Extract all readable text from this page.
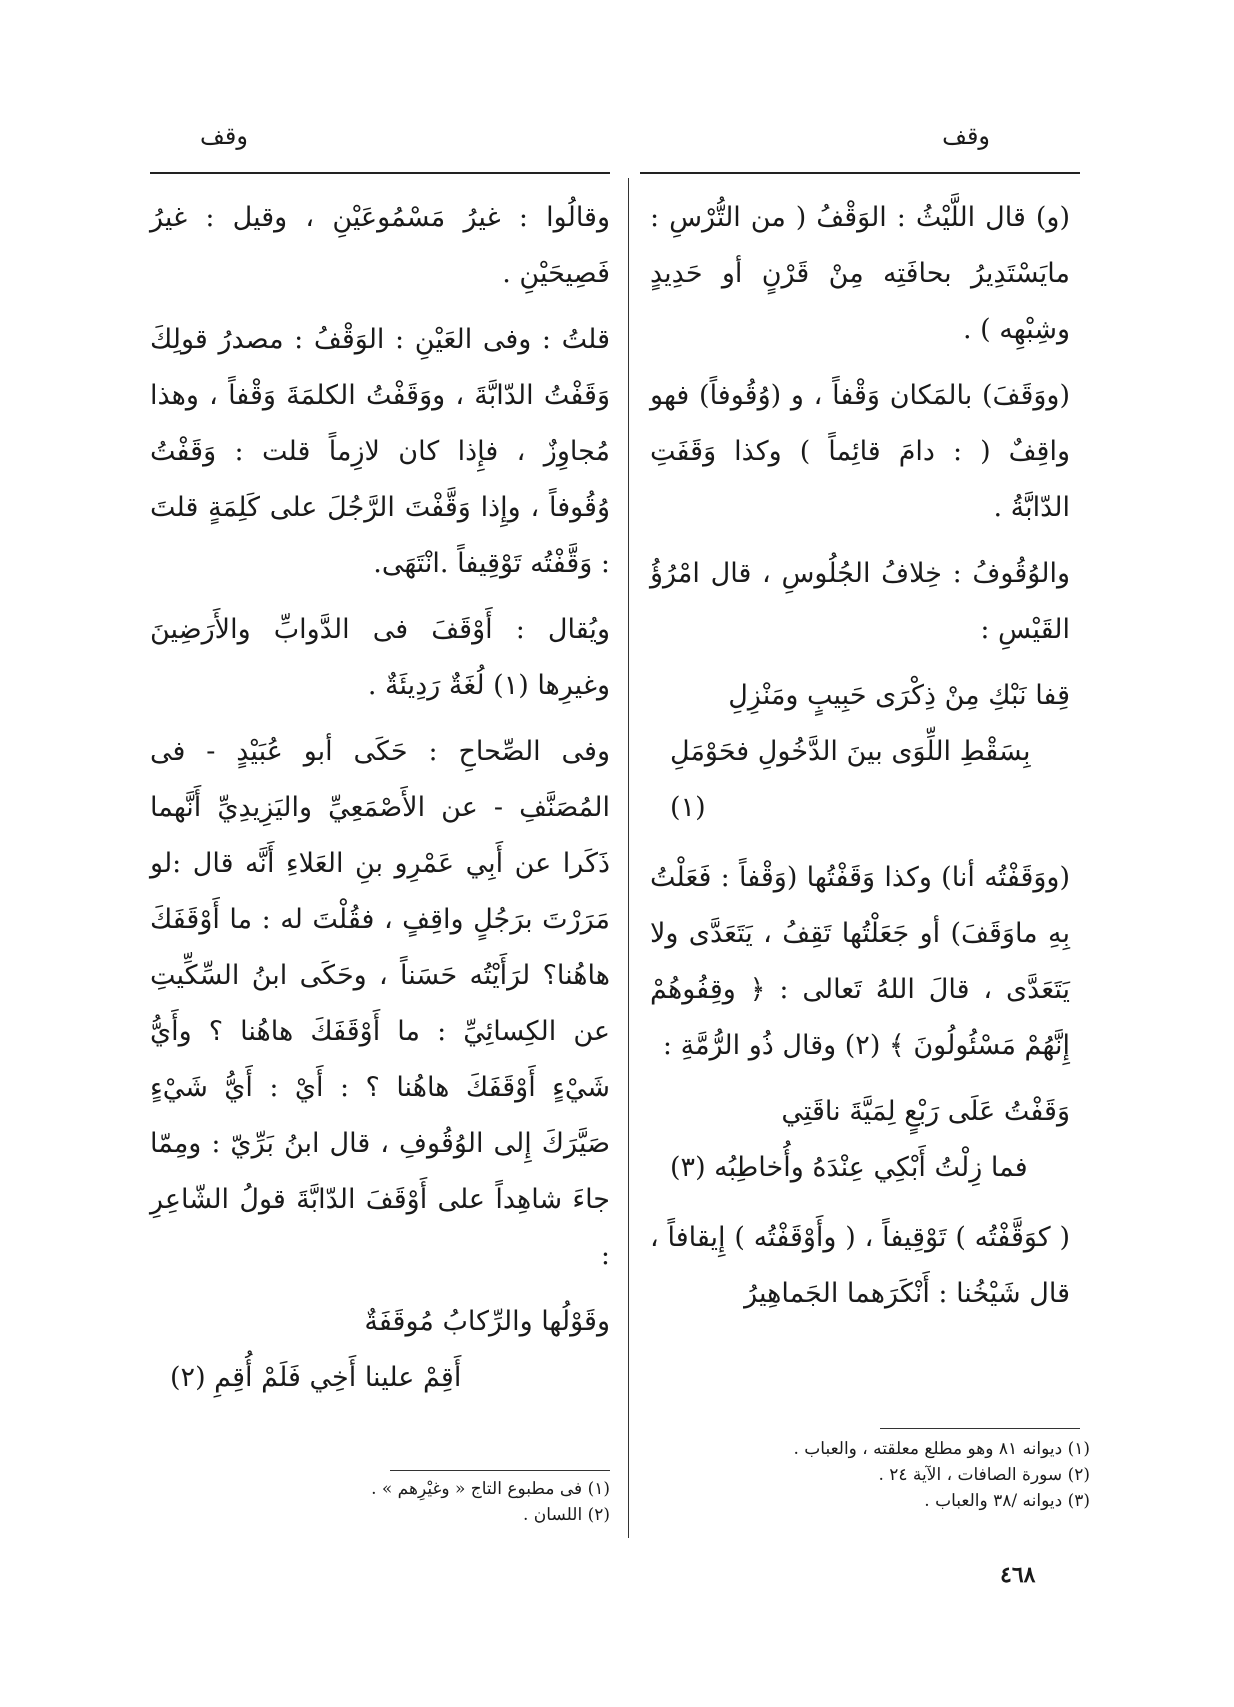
وقف
وقف

(و) قال اللَّيْثُ : الوَقْفُ ( من التُّرْسِ : مايَسْتَدِيرُ بحافَتِه مِنْ قَرْنٍ أو حَدِيدٍ وشِبْهِه ) .

(ووَقَفَ) بالمَكان وَقْفاً ، و (وُقُوفاً) فهو واقِفٌ ( : دامَ قائِماً ) وكذا وَقَفَتِ الدّابَّةُ .

والوُقُوفُ : خِلافُ الجُلُوسِ ، قال امْرُؤُ القَيْسِ :

قِفا نَبْكِ مِنْ ذِكْرَى حَبِيبٍ ومَنْزِلِ
بِسَقْطِ اللِّوَى بينَ الدَّخُولِ فحَوْمَلِ (١)

(ووَقَفْتُه أنا) وكذا وَقَفْتُها (وَقْفاً : فَعَلْتُ بِهِ ماوَقَفَ) أو جَعَلْتُها تَقِفُ ، يَتَعَدَّى ولا يَتَعَدَّى ، قالَ اللهُ تَعالى : ﴿ وقِفُوهُمْ إِنَّهُمْ مَسْئُولُونَ ﴾ (٢) وقال ذُو الرُّمَّةِ :

وَقَفْتُ عَلَى رَبْعٍ لِمَيَّةَ ناقَتِي
فما زِلْتُ أَبْكِي عِنْدَهُ وأُخاطِبُه (٣)

( كوَقَّفْتُه ) تَوْقِيفاً ، ( وأَوْقَفْتُه ) إِيقافاً ، قال شَيْخُنا : أَنْكَرَهما الجَماهِيرُ

وقالُوا : غيرُ مَسْمُوعَيْنِ ، وقيل : غيرُ فَصِيحَيْنِ .

قلتُ : وفى العَيْنِ : الوَقْفُ : مصدرُ قولِكَ وَقَفْتُ الدّابَّةَ ، ووَقَفْتُ الكلمَةَ وَقْفاً ، وهذا مُجاوِزٌ ، فإِذا كان لازِماً قلت : وَقَفْتُ وُقُوفاً ، وإِذا وَقَّفْتَ الرَّجُلَ على كَلِمَةٍ قلتَ : وَقَّفْتُه تَوْقِيفاً .انْتَهَى.

ويُقال : أَوْقَفَ فى الدَّوابِّ والأَرَضِينَ وغيرِها (١) لُغَةٌ رَدِيئَةٌ .

وفى الصِّحاحِ : حَكَى أبو عُبَيْدٍ - فى المُصَنَّفِ - عن الأَصْمَعِيِّ واليَزِيدِيِّ أَنَّهما ذَكَرا عن أَبِي عَمْرِو بنِ العَلاءِ أَنَّه قال :لو مَرَرْتَ برَجُلٍ واقِفٍ ، فقُلْتَ له : ما أَوْقَفَكَ هاهُنا؟ لرَأَيْتُه حَسَناً ، وحَكَى ابنُ السِّكِّيتِ عن الكِسائِيِّ : ما أَوْقَفَكَ هاهُنا ؟ وأَيُّ شَيْءٍ أَوْقَفَكَ هاهُنا ؟ : أَيْ : أَيُّ شَيْءٍ صَيَّرَكَ إِلى الوُقُوفِ ، قال ابنُ بَرِّيّ : ومِمّا جاءَ شاهِداً على أَوْقَفَ الدّابَّةَ قولُ الشّاعِرِ :

وقَوْلُها والرِّكابُ مُوقَفَةٌ
أَقِمْ علينا أَخِي فَلَمْ أُقِمِ (٢)
(١) ديوانه ٨١ وهو مطلع معلقته ، والعباب .
(٢) سورة الصافات ، الآية ٢٤ .
(٣) ديوانه /٣٨ والعباب .
(١) فى مطبوع التاج « وغيْرِهم » .
(٢) اللسان .
٤٦٨
